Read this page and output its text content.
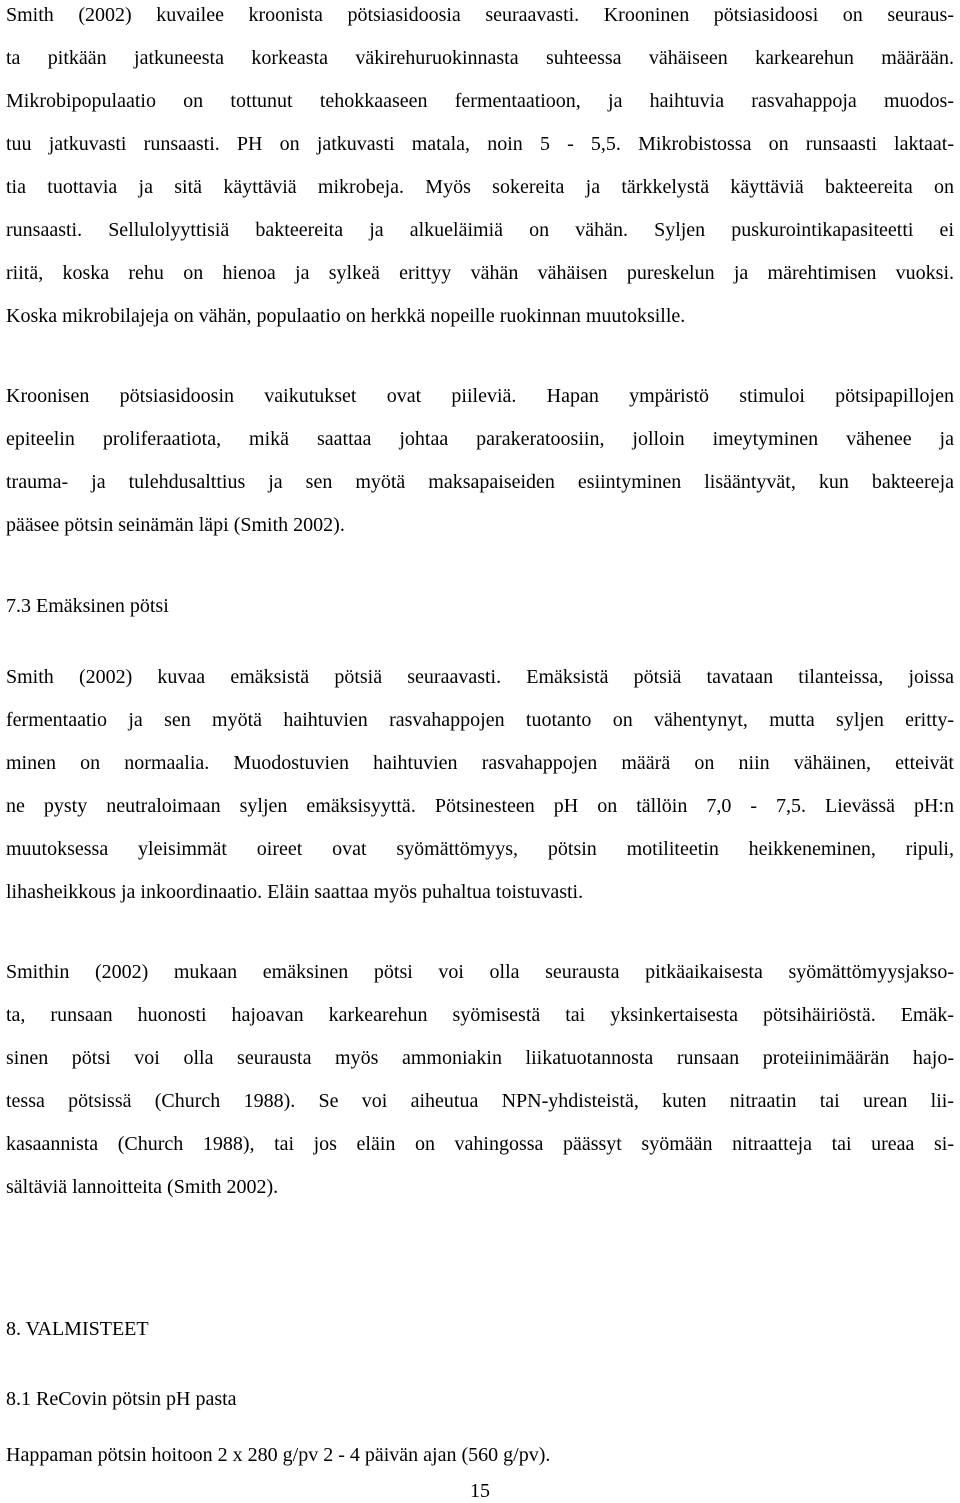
Smith (2002) kuvailee kroonista pötsiasidoosia seuraavasti. Krooninen pötsiasidoosi on seuraus-
ta pitkään jatkuneesta korkeasta väkirehuruokinnasta suhteessa vähäiseen karkearehun määrään.
Mikrobipopulaatio on tottunut tehokkaaseen fermentaatioon, ja haihtuvia rasvahappoja muodos-
tuu jatkuvasti runsaasti. PH on jatkuvasti matala, noin 5 - 5,5. Mikrobistossa on runsaasti laktaat-
tia tuottavia ja sitä käyttäviä mikrobeja. Myös sokereita ja tärkkelystä käyttäviä bakteereita on
runsaasti. Sellulolyyttisiä bakteereita ja alkueläimiä on vähän. Syljen puskurointikapasiteetti ei
riitä, koska rehu on hienoa ja sylkeä erittyy vähän vähäisen pureskelun ja märehtimisen vuoksi.
Koska mikrobilajeja on vähän, populaatio on herkkä nopeille ruokinnan muutoksille.
Kroonisen pötsiasidoosin vaikutukset ovat piileviä. Hapan ympäristö stimuloi pötsipapillojen
epiteelin proliferaatiota, mikä saattaa johtaa parakeratoosiin, jolloin imeytyminen vähenee ja
trauma- ja tulehdusalttius ja sen myötä maksapaiseiden esiintyminen lisääntyvät, kun bakteereja
pääsee pötsin seinämän läpi (Smith 2002).
7.3 Emäksinen pötsi
Smith (2002) kuvaa emäksistä pötsiä seuraavasti. Emäksistä pötsiä tavataan tilanteissa, joissa
fermentaatio ja sen myötä haihtuvien rasvahappojen tuotanto on vähentynyt, mutta syljen eritty-
minen on normaalia. Muodostuvien haihtuvien rasvahappojen määrä on niin vähäinen, etteivät
ne pysty neutraloimaan syljen emäksisyyttä. Pötsinesteen pH on tällöin 7,0 - 7,5. Lievässä pH:n
muutoksessa yleisimmät oireet ovat syömättömyys, pötsin motiliteetin heikkeneminen, ripuli,
lihasheikkous ja inkoordinaatio. Eläin saattaa myös puhaltua toistuvasti.
Smithin (2002) mukaan emäksinen pötsi voi olla seurausta pitkäaikaisesta syömättömyysjakso-
ta, runsaan huonosti hajoavan karkearehun syömisestä tai yksinkertaisesta pötsihäiriöstä. Emäk-
sinen pötsi voi olla seurausta myös ammoniakin liikatuotannosta runsaan proteiinimäärän hajo-
tessa pötsissä (Church 1988). Se voi aiheutua NPN-yhdisteistä, kuten nitraatin tai urean lii-
kasaannista (Church 1988), tai jos eläin on vahingossa päässyt syömään nitraatteja tai ureaa si-
sältäviä lannoitteita (Smith 2002).
8. VALMISTEET
8.1 ReCovin pötsin pH pasta
Happaman pötsin hoitoon 2 x 280 g/pv 2 - 4 päivän ajan (560 g/pv).
15
